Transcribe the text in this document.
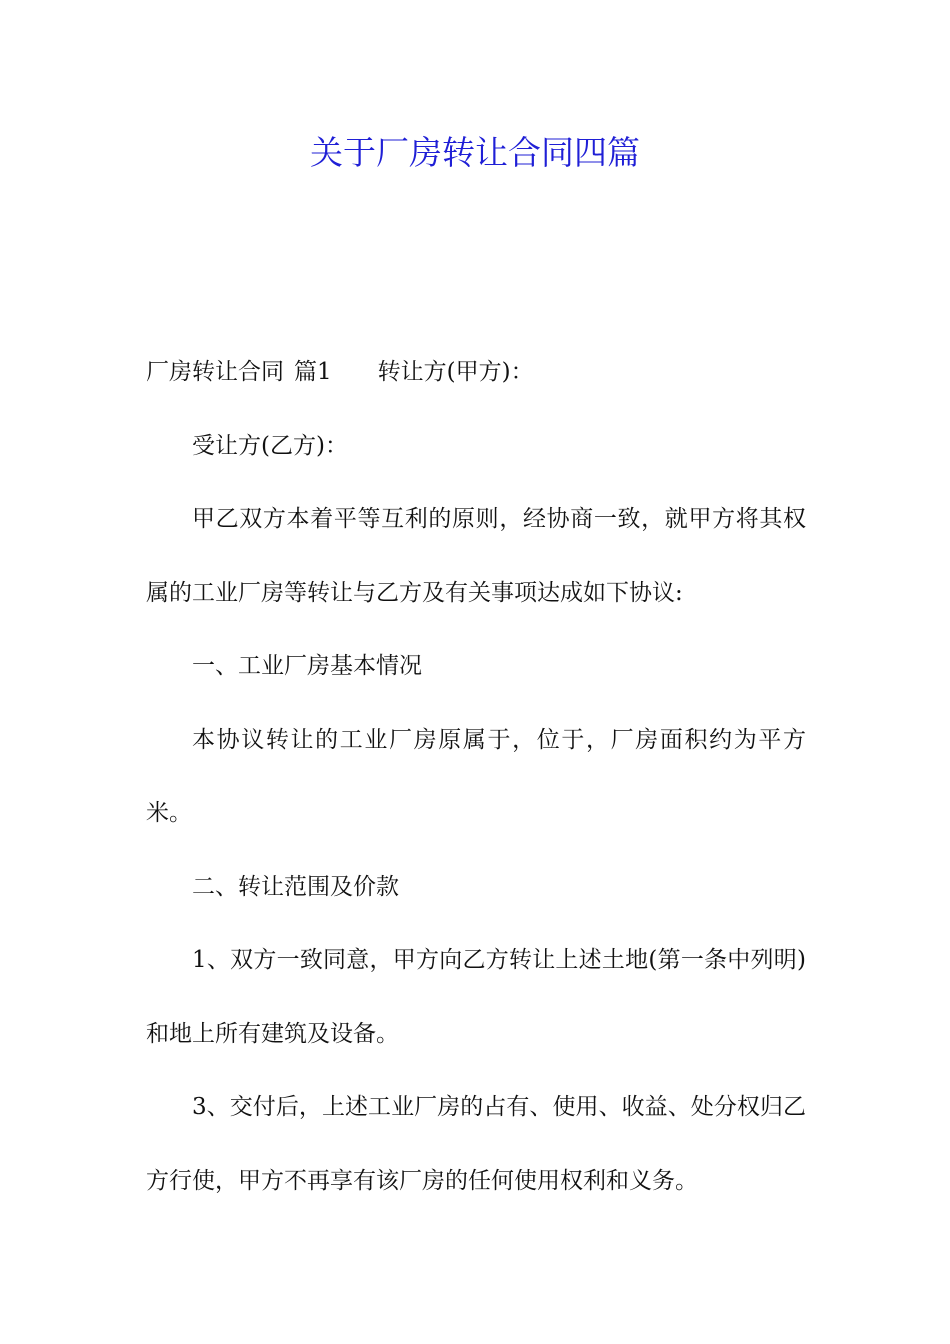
关于厂房转让合同四篇

厂房转让合同 篇1 转让方(甲方)：

受让方(乙方)：

甲乙双方本着平等互利的原则，经协商一致，就甲方将其权属的工业厂房等转让与乙方及有关事项达成如下协议:

一、工业厂房基本情况

本协议转让的工业厂房原属于，位于，厂房面积约为平方米。

二、转让范围及价款

1、双方一致同意，甲方向乙方转让上述土地(第一条中列明)和地上所有建筑及设备。

3、交付后，上述工业厂房的占有、使用、收益、处分权归乙方行使，甲方不再享有该厂房的任何使用权利和义务。
